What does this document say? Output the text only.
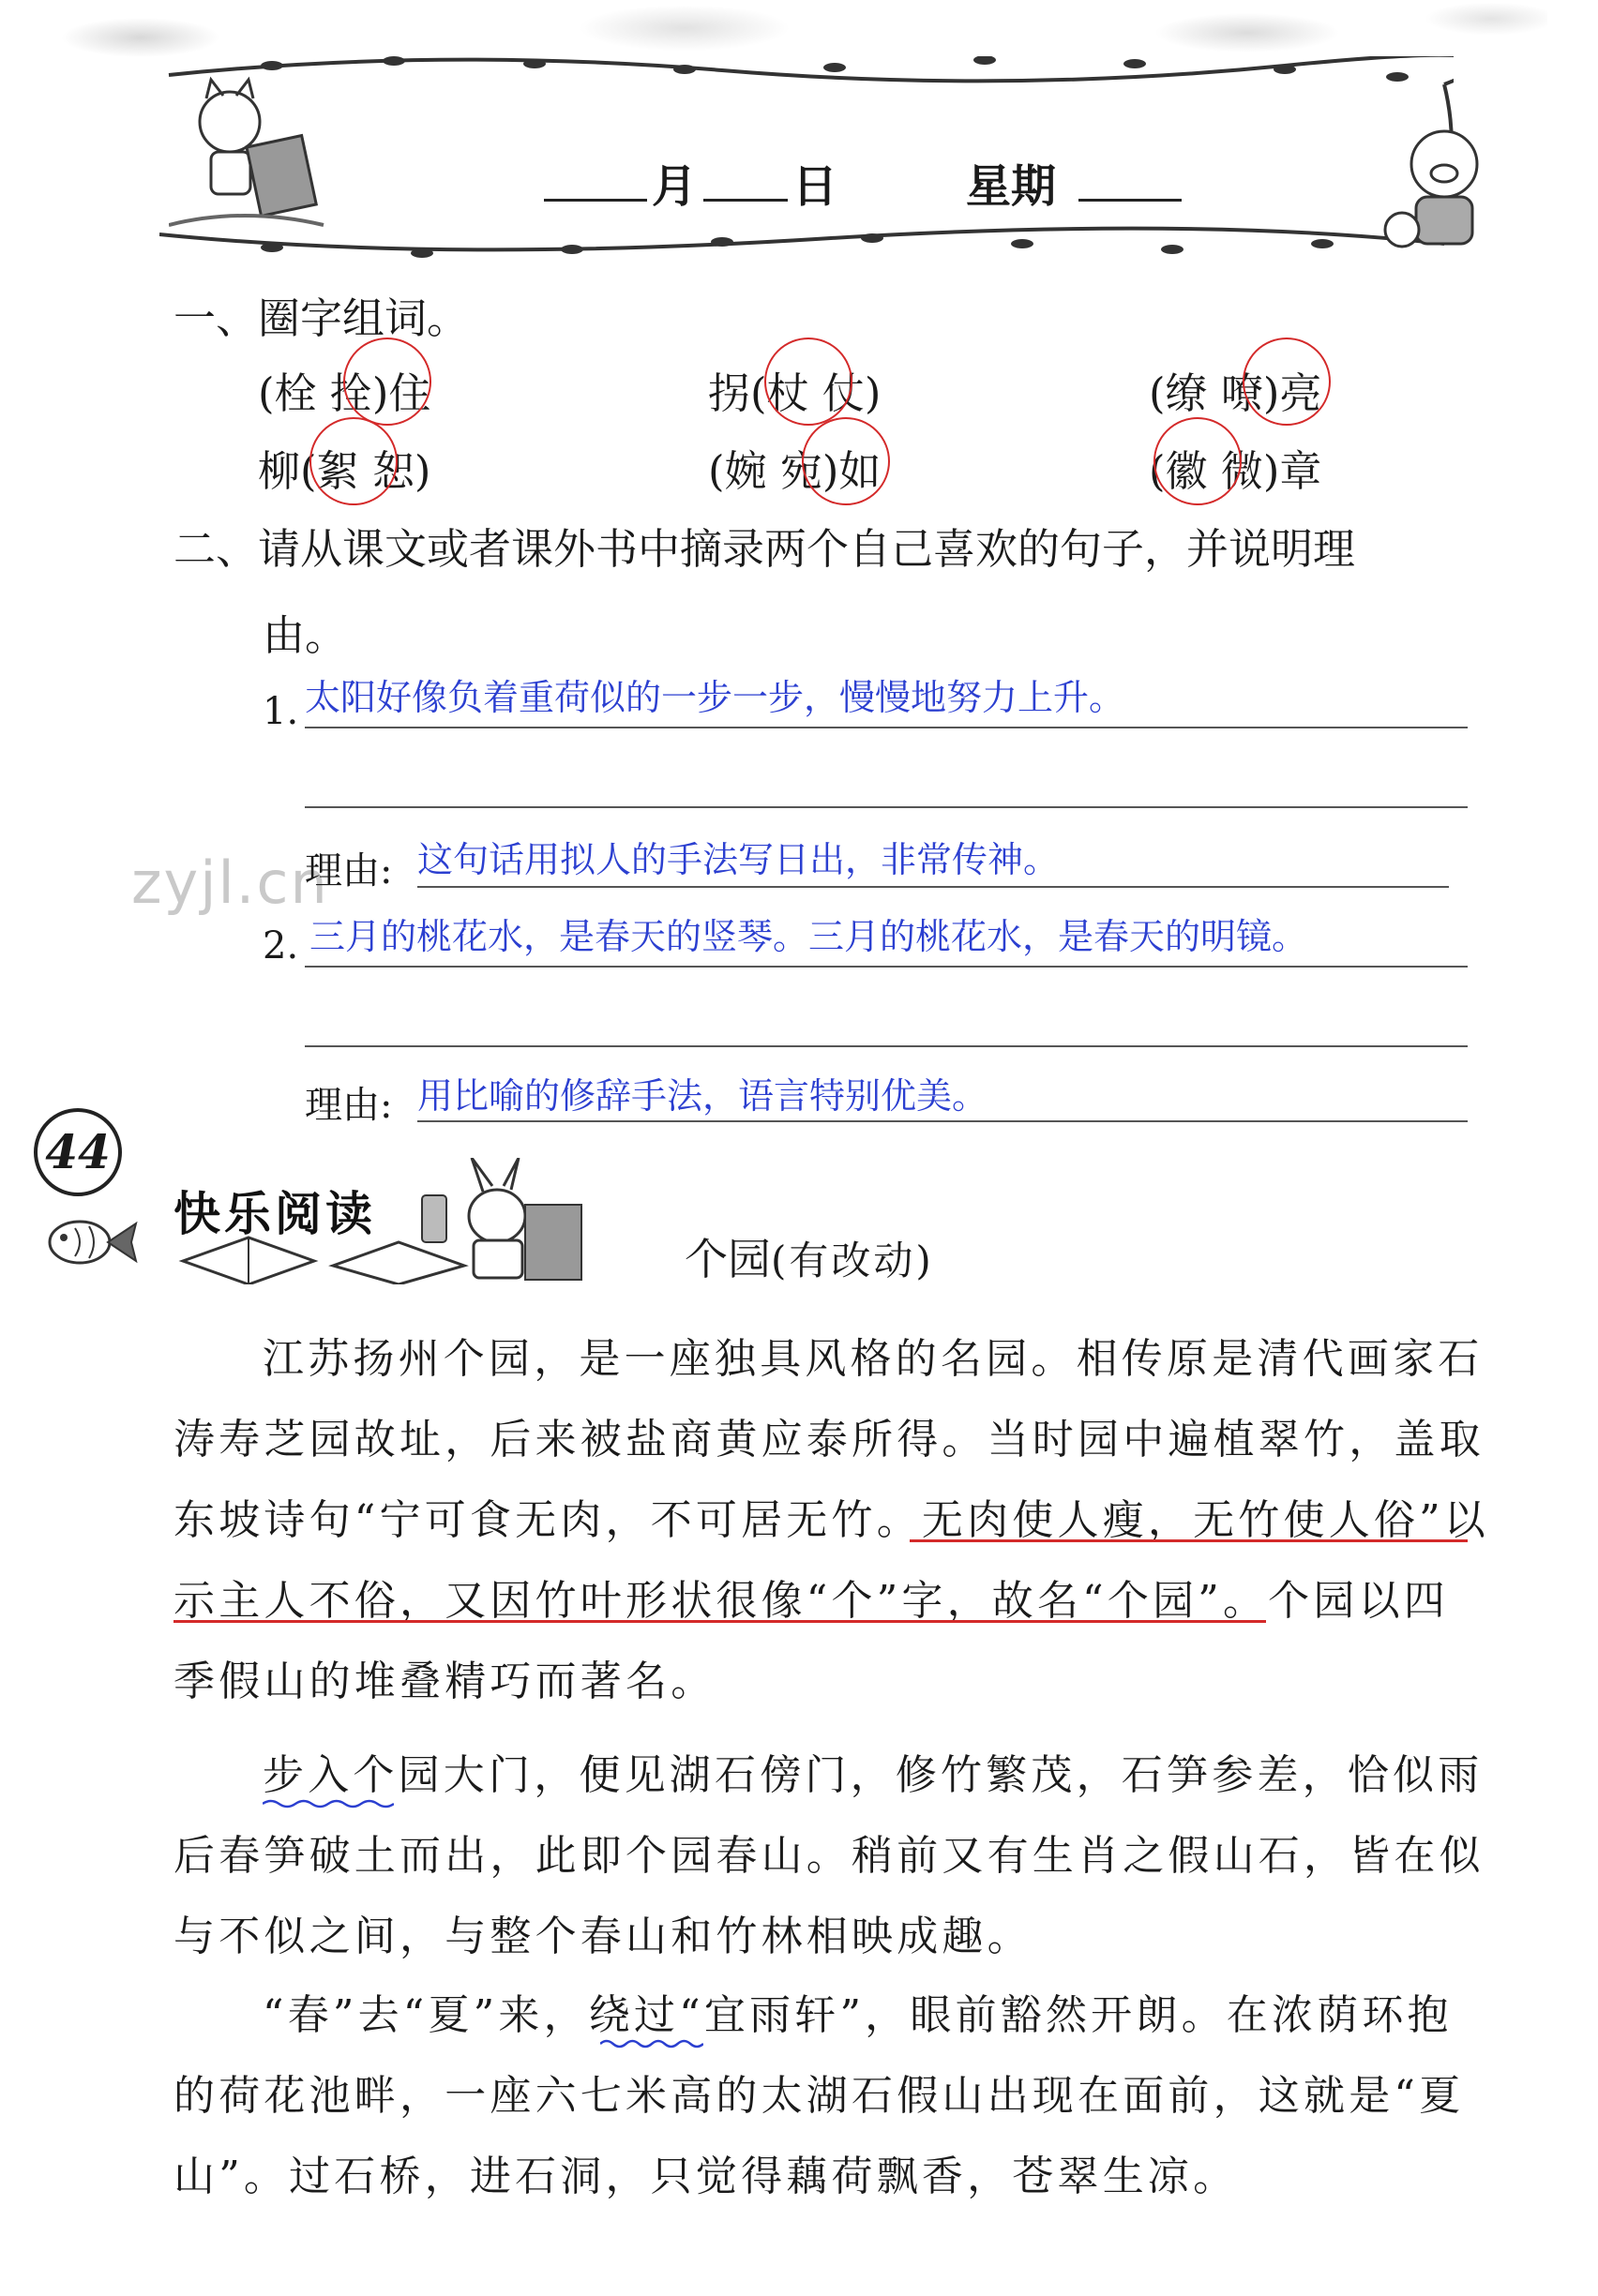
月 日	星期
一、圈字组词。
(栓 拴)住	拐(杖 仗)	(缭 嘹)亮
柳(絮 恕)	(婉 宛)如	(徽 微)章
二、请从课文或者课外书中摘录两个自己喜欢的句子，并说明理
由。
1. 太阳好像负着重荷似的一步一步，慢慢地努力上升。
zyjl.cn
理由: 这句话用拟人的手法写日出，非常传神。
2. 三月的桃花水，是春天的竖琴。三月的桃花水，是春天的明镜。
理由: 用比喻的修辞手法，语言特别优美。
44
快乐阅读
个园(有改动)
江苏扬州个园，是一座独具风格的名园。相传原是清代画家石
涛寿芝园故址，后来被盐商黄应泰所得。当时园中遍植翠竹，盖取
东坡诗句“宁可食无肉，不可居无竹。无肉使人瘦，无竹使人俗”以
示主人不俗，又因竹叶形状很像“个”字，故名“个园”。个园以四
季假山的堆叠精巧而著名。
步入个园大门，便见湖石傍门，修竹繁茂，石笋参差，恰似雨
后春笋破土而出，此即个园春山。稍前又有生肖之假山石，皆在似
与不似之间，与整个春山和竹林相映成趣。
“春”去“夏”来，绕过“宜雨轩”，眼前豁然开朗。在浓荫环抱
的荷花池畔，一座六七米高的太湖石假山出现在面前，这就是“夏
山”。过石桥，进石洞，只觉得藕荷飘香，苍翠生凉。
